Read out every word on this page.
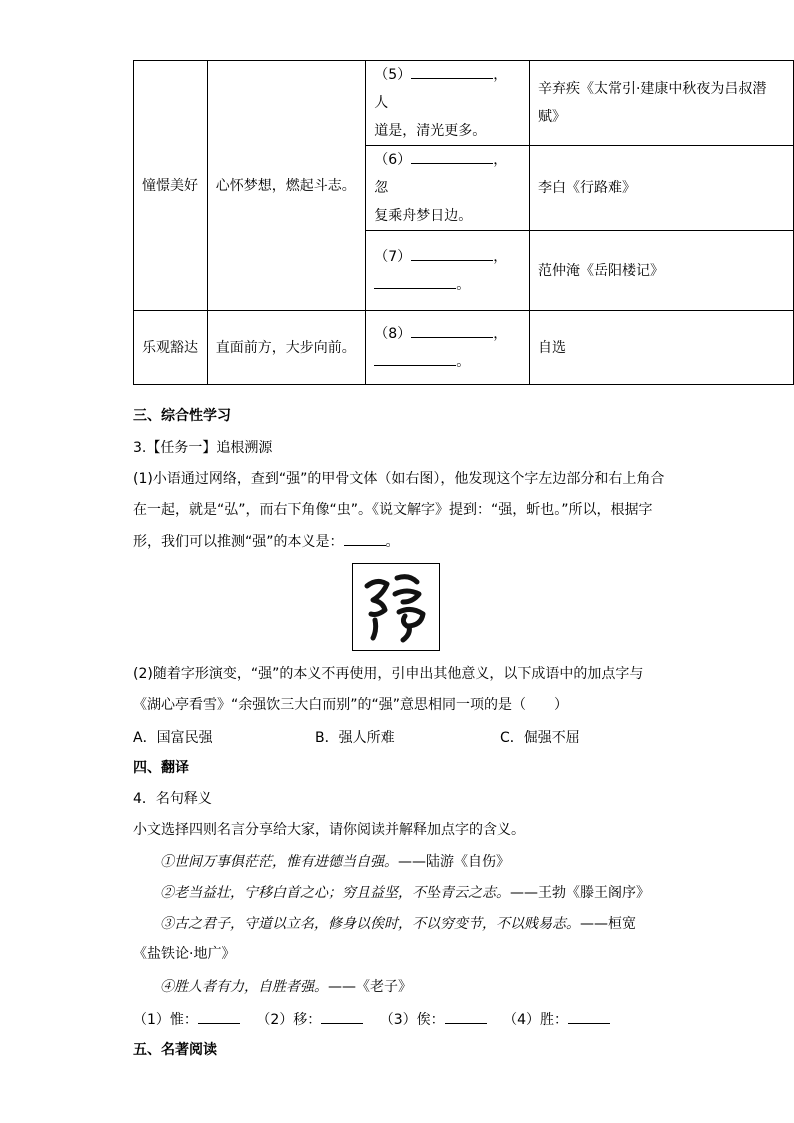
憧憬美好	心怀梦想，燃起斗志。	（5） ，人
道是，清光更多。	辛弃疾《太常引·建康中秋夜为吕叔潜赋》
		（6） ，忽
复乘舟梦日边。	李白《行路难》
		（7） ，
。	范仲淹《岳阳楼记》
乐观豁达	直面前方，大步向前。	（8） ，
。	自选
三、综合性学习
3.【任务一】追根溯源
(1)小语通过网络，查到“强”的甲骨文体（如右图），他发现这个字左边部分和右上角合
在一起，就是“弘”，而右下角像“虫”。《说文解字》提到：“强，蚚也。”所以，根据字
形，我们可以推测“强”的本义是：	。
(2)随着字形演变，“强”的本义不再使用，引申出其他意义，以下成语中的加点字与
《湖心亭看雪》“余强饮三大白而别”的“强”意思相同一项的是（　　）
A．国富民强	B．强人所难	C．倔强不屈
四、翻译
4．名句释义
小文选择四则名言分享给大家，请你阅读并解释加点字的含义。
①世间万事俱茫茫，惟有进德当自强。——陆游《自伤》
②老当益壮，宁移白首之心；穷且益坚，不坠青云之志。——王勃《滕王阁序》
③古之君子，守道以立名，修身以俟时，不以穷变节，不以贱易志。——桓宽
《盐铁论·地广》
④胜人者有力，自胜者强。——《老子》
（1）惟：	（2）移：	（3）俟：	（4）胜：
五、名著阅读
